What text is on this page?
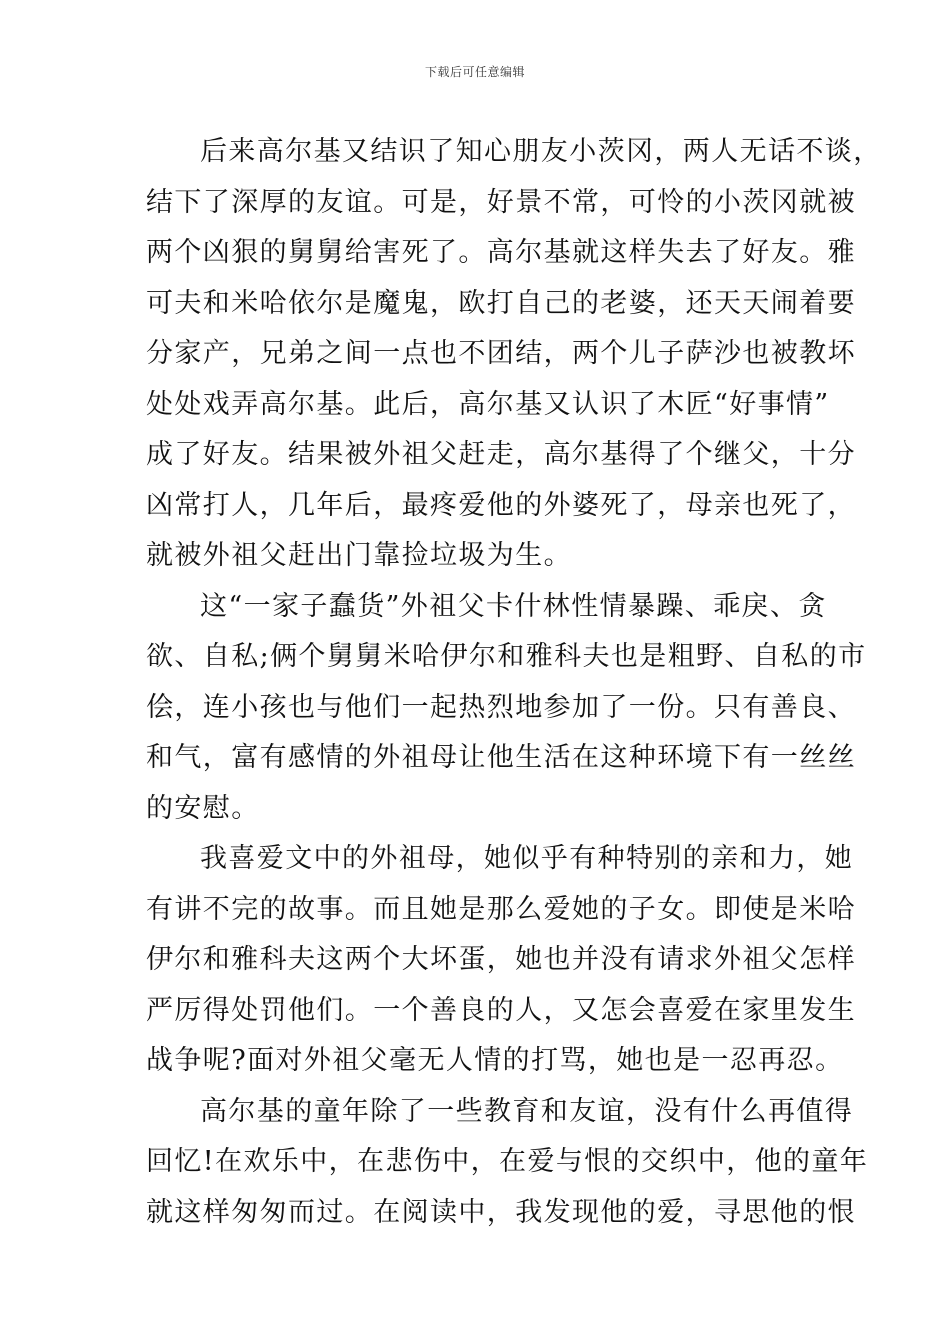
下载后可任意编辑

后来高尔基又结识了知心朋友小茨冈，两人无话不谈，
结下了深厚的友谊。可是，好景不常，可怜的小茨冈就被
两个凶狠的舅舅给害死了。高尔基就这样失去了好友。雅
可夫和米哈依尔是魔鬼，欧打自己的老婆，还天天闹着要
分家产，兄弟之间一点也不团结，两个儿子萨沙也被教坏
处处戏弄高尔基。此后，高尔基又认识了木匠“好事情”
成了好友。结果被外祖父赶走，高尔基得了个继父，十分
凶常打人，几年后，最疼爱他的外婆死了，母亲也死了，
就被外祖父赶出门靠捡垃圾为生。

这“一家子蠢货”外祖父卡什林性情暴躁、乖戾、贪
欲、自私;俩个舅舅米哈伊尔和雅科夫也是粗野、自私的市
侩，连小孩也与他们一起热烈地参加了一份。只有善良、
和气，富有感情的外祖母让他生活在这种环境下有一丝丝
的安慰。

我喜爱文中的外祖母，她似乎有种特别的亲和力，她
有讲不完的故事。而且她是那么爱她的子女。即使是米哈
伊尔和雅科夫这两个大坏蛋，她也并没有请求外祖父怎样
严厉得处罚他们。一个善良的人，又怎会喜爱在家里发生
战争呢?面对外祖父毫无人情的打骂，她也是一忍再忍。

高尔基的童年除了一些教育和友谊，没有什么再值得
回忆!在欢乐中，在悲伤中，在爱与恨的交织中，他的童年
就这样匆匆而过。在阅读中，我发现他的爱，寻思他的恨
